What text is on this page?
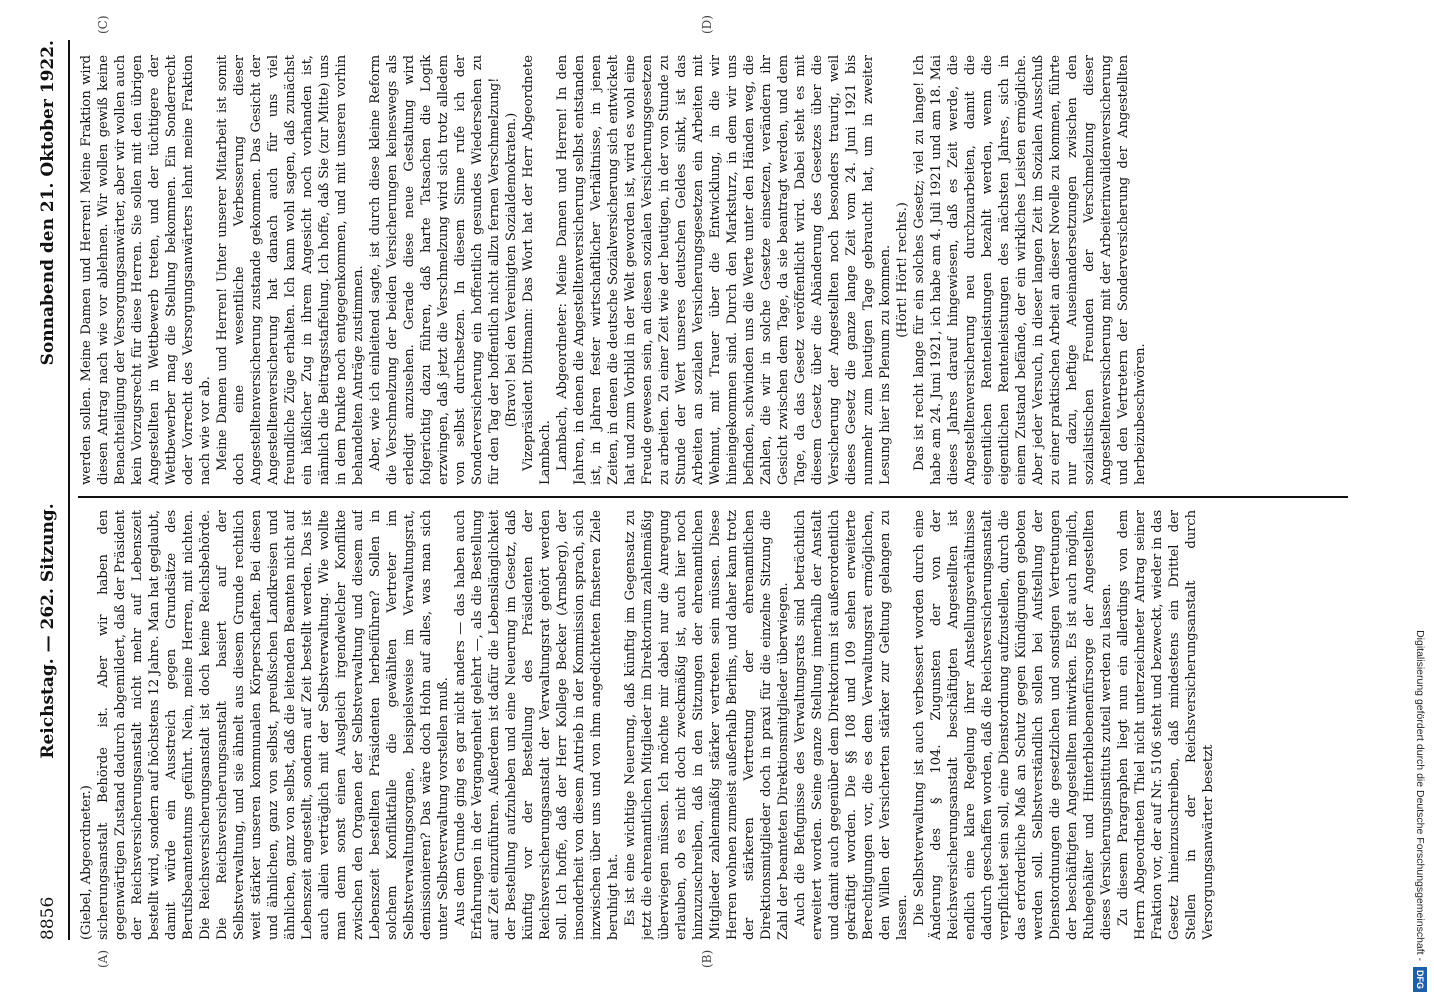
8856
Reichstag. — 262. Sitzung.
Sonnabend den 21. Oktober 1922.
(A)	(B)
(C)	(D)

(Giebel, Abgeordneter.) sicherungsanstalt Behörde ist. Aber wir haben den gegenwärtigen Zustand dadurch abgemildert, daß der Präsident der Reichsversicherungsanstalt nicht mehr auf Lebenszeit bestellt wird, sondern auf höchstens 12 Jahre. Man hat geglaubt, damit würde ein Ausstreich gegen Grundsätze des Berufsbeamtentums geführt. Nein, meine Herren, mit nichten. Die Reichsversicherungsanstalt ist doch keine Reichsbehörde. Die Reichsversicherungsanstalt basiert auf der Selbstverwaltung, und sie ähnelt aus diesem Grunde rechtlich weit stärker unseren kommunalen Körperschaften. Bei diesen und ähnlichen, ganz von selbst, preußischen Landkreisen und ähnlichen, ganz von selbst, daß die leitenden Beamten nicht auf Lebenszeit angestellt, sondern auf Zeit bestellt werden. Das ist auch allein verträglich mit der Selbstverwaltung. Wie wollte man denn sonst einen Ausgleich irgendwelcher Konflikte zwischen den Organen der Selbstverwaltung und diesem auf Lebenszeit bestellten Präsidenten herbeiführen? Sollen in solchem Konfliktfalle die gewählten Vertreter im Selbstverwaltungsorgane, beispielsweise im Verwaltungsrat, demissionieren? Das wäre doch Hohn auf alles, was man sich unter Selbstverwaltung vorstellen muß. Aus dem Grunde ging es gar nicht anders — das haben auch Erfahrungen in der Vergangenheit gelehrt —, als die Bestellung auf Zeit einzuführen. Außerdem ist dafür die Lebenslänglichkeit der Bestellung aufzuheben und eine Neuerung im Gesetz, daß künftig vor der Bestellung des Präsidenten der Reichsversicherungsanstalt der Verwaltungsrat gehört werden soll. Ich hoffe, daß der Herr Kollege Becker (Arnsberg), der insonderheit von diesem Antrieb in der Kommission sprach, sich inzwischen über uns und von ihm angedichteten finsteren Ziele beruhigt hat. Es ist eine wichtige Neuerung, daß künftig im Gegensatz zu jetzt die ehrenamtlichen Mitglieder im Direktorium zahlenmäßig überwiegen müssen. Ich möchte mir dabei nur die Anregung erlauben, ob es nicht doch zweckmäßig ist, auch hier noch hinzuzuschreiben, daß in den Sitzungen der ehrenamtlichen Mitglieder zahlenmäßig stärker vertreten sein müssen. Diese Herren wohnen zumeist außerhalb Berlins, und daher kann trotz der stärkeren Vertretung der ehrenamtlichen Direktionsmitglieder doch in praxi für die einzelne Sitzung die Zahl der beamteten Direktionsmitglieder überwiegen. Auch die Befugnisse des Verwaltungsrats sind beträchtlich erweitert worden. Seine ganze Stellung innerhalb der Anstalt und damit auch gegenüber dem Direktorium ist außerordentlich gekräftigt worden. Die §§ 108 und 109 sehen erweiterte Berechtigungen vor, die es dem Verwaltungsrat ermöglichen, den Willen der Versicherten stärker zur Geltung gelangen zu lassen. Die Selbstverwaltung ist auch verbessert worden durch eine Änderung des § 104. Zugunsten der von der Reichsversicherungsanstalt beschäftigten Angestellten ist endlich eine klare Regelung ihrer Anstellungsverhältnisse dadurch geschaffen worden, daß die Reichsversicherungsanstalt verpflichtet sein soll, eine Dienstordnung aufzustellen, durch die das erforderliche Maß an Schutz gegen Kündigungen geboten werden soll. Selbstverständlich sollen bei Aufstellung der Dienstordnungen die gesetzlichen und sonstigen Vertretungen der beschäftigten Angestellten mitwirken. Es ist auch möglich, Ruhegehälter und Hinterbliebenenfürsorge der Angestellten dieses Versicherungsinstituts zuteil werden zu lassen. Zu diesem Paragraphen liegt nun ein allerdings von dem Herrn Abgeordneten Thiel nicht unterzeichneter Antrag seiner Fraktion vor, der auf Nr. 5106 steht und bezweckt, wieder in das Gesetz hineinzuschreiben, daß mindestens ein Drittel der Stellen in der Reichsversicherungsanstalt durch Versorgungsanwärter besetzt

werden sollen. Meine Damen und Herren! Meine Fraktion wird diesen Antrag nach wie vor ablehnen. Wir wollen gewiß keine Benachteiligung der Versorgungsanwärter, aber wir wollen auch kein Vorzugsrecht für diese Herren. Sie sollen mit den übrigen Angestellten in Wettbewerb treten, und der tüchtigere der Wettbewerber mag die Stellung bekommen. Ein Sonderrecht oder Vorrecht des Versorgungsanwärters lehnt meine Fraktion nach wie vor ab. Meine Damen und Herren! Unter unserer Mitarbeit ist somit doch eine wesentliche Verbesserung dieser Angestelltenversicherung zustande gekommen. Das Gesicht der Angestelltenversicherung hat danach auch für uns viel freundliche Züge erhalten. Ich kann wohl sagen, daß zunächst ein häßlicher Zug in ihrem Angesicht noch vorhanden ist, nämlich die Beitragsstaffelung. Ich hoffe, daß Sie (zur Mitte) uns in dem Punkte noch entgegenkommen, und mit unseren vorhin behandelten Anträge zustimmen. Aber, wie ich einleitend sagte, ist durch diese kleine Reform die Verschmelzung der beiden Versicherungen keineswegs als erledigt anzusehen. Gerade diese neue Gestaltung wird folgerichtig dazu führen, daß harte Tatsachen die Logik erzwingen, daß jetzt die Verschmelzung wird sich trotz alledem von selbst durchsetzen. In diesem Sinne rufe ich der Sonderversicherung ein hoffentlich gesundes Wiedersehen zu für den Tag der hoffentlich nicht allzu fernen Verschmelzung! (Bravo! bei den Vereinigten Sozialdemokraten.) Vizepräsident Dittmann: Das Wort hat der Herr Abgeordnete Lambach. Lambach, Abgeordneter: Meine Damen und Herren! In den Jahren, in denen die Angestelltenversicherung selbst entstanden ist, in Jahren fester wirtschaftlicher Verhältnisse, in jenen Zeiten, in denen die deutsche Sozialversicherung sich entwickelt hat und zum Vorbild in der Welt geworden ist, wird es wohl eine Freude gewesen sein, an diesen sozialen Versicherungsgesetzen zu arbeiten. Zu einer Zeit wie der heutigen, in der von Stunde zu Stunde der Wert unseres deutschen Geldes sinkt, ist das Arbeiten an sozialen Versicherungsgesetzen ein Arbeiten mit Wehmut, mit Trauer über die Entwicklung, in die wir hineingekommen sind. Durch den Marksturz, in dem wir uns befinden, schwinden uns die Werte unter den Händen weg, die Zahlen, die wir in solche Gesetze einsetzen, verändern ihr Gesicht zwischen dem Tage, da sie beantragt werden, und dem Tage, da das Gesetz veröffentlicht wird. Dabei steht es mit diesem Gesetz über die Abänderung des Gesetzes über die Versicherung der Angestellten noch besonders traurig, weil dieses Gesetz die ganze lange Zeit vom 24. Juni 1921 bis nunmehr zum heutigen Tage gebraucht hat, um in zweiter Lesung hier ins Plenum zu kommen. (Hört! Hört! rechts.) Das ist recht lange für ein solches Gesetz; viel zu lange! Ich habe am 24. Juni 1921, ich habe am 4. Juli 1921 und am 18. Mai dieses Jahres darauf hingewiesen, daß es Zeit werde, die Angestelltenversicherung neu durchzuarbeiten, damit die eigentlichen Rentenleistungen bezahlt werden, wenn die eigentlichen Rentenleistungen des nächsten Jahres, sich in einem Zustand befände, der ein wirkliches Leisten ermögliche. Aber jeder Versuch, in dieser langen Zeit im Sozialen Ausschuß zu einer praktischen Arbeit an dieser Novelle zu kommen, führte nur dazu, heftige Auseinandersetzungen zwischen den sozialistischen Freunden der Verschmelzung dieser Angestelltenversicherung mit der Arbeiterinvalidenversicherung und den Vertretern der Sonderversicherung der Angestellten herbeizubeschwören.

Digitalisierung gefördert durch die Deutsche Forschungsgemeinschaft -
DFG
